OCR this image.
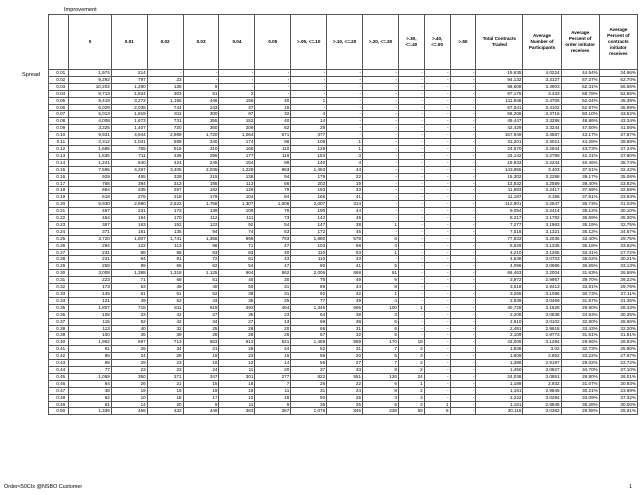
Improvement
Spread
	0	0.01	0.02	0.03	0.04	0.05	>.05, <=.10	>.10, <=.20	>.20, <=.30	>.30, <=.40	>.40, <=.50	>.50	Total Contracts Traded	Average Number of Participants	Average Percent of order initiator receives	Average Percent of contracts initiator receives
0.01	1,974	214	-	-	-	-	-	-	-	-	-	-	19,635	4.0224	44.54%	34.96%
0.02	9,292	797	23	-	-	-	-	-	-	-	-	-	94,132	3.3127	67.37%	62.70%
0.03	10,202	1,290	135	9	-	-	-	-	-	-	-	-	98,608	3.3903	62.31%	56.56%
0.04	8,713	1,824	303	51	2	-	-	-	-	-	-	-	87,175	3.433	58.78%	52.65%
0.05	9,419	3,272	1,156	446	156	40	1	-	-	-	-	-	111,848	3.4705	52.04%	45.39%
0.06	6,029	2,035	744	243	47	15	-	-	-	-	-	-	67,041	3.4102	52.97%	45.99%
0.07	5,013	1,919	811	300	97	32	4	-	-	-	-	-	58,206	3.3716	50.10%	43.52%
0.08	4,008	1,673	731	355	152	40	14	-	-	-	-	-	49,447	3.3286	48.86%	43.34%
0.09	3,325	1,407	720	360	209	62	29	-	-	-	-	-	42,429	3.3244	47.50%	41.06%
0.10	9,931	4,944	2,989	1,720	1,064	671	377	-	-	-	-	-	157,949	3.4587	43.17%	37.87%
0.11	2,312	1,041	589	340	174	96	109	1	-	-	-	-	31,201	3.3021	44.28%	39.88%
0.12	1,686	755	516	310	168	110	128	1	-	-	-	-	24,570	3.2944	43.73%	37.24%
0.13	1,535	711	436	296	177	119	153	3	-	-	-	-	23,142	3.2789	42.31%	37.80%
0.14	1,241	640	424	245	154	99	140	4	-	-	-	-	19,833	3.2244	40.46%	35.74%
0.15	7,595	4,267	3,405	2,035	1,228	963	1,463	44	-	-	-	-	143,855	3.403	37.51%	32.42%
0.16	929	465	329	215	136	94	179	22	-	-	-	-	15,302	3.2288	39.17%	35.06%
0.17	768	394	313	195	113	66	202	19	-	-	-	-	13,832	3.2589	39.40%	33.82%
0.18	654	335	257	182	126	79	193	33	-	-	-	-	11,993	3.2417	37.59%	32.58%
0.19	618	276	218	179	104	84	166	41	-	-	-	-	11,187	3.186	37.61%	33.94%
0.20	5,930	2,990	2,522	1,758	1,307	1,008	2,007	314	-	-	-	-	112,901	3.2547	35.73%	31.03%
0.21	467	231	173	139	109	76	190	44	-	-	-	-	9,094	3.2414	35.12%	30.10%
0.22	454	194	170	112	111	73	142	45	-	-	-	-	8,217	3.1792	36.59%	35.30%
0.23	387	163	152	122	92	54	147	38	1	-	-	-	7,277	3.1963	35.19%	32.75%
0.24	371	161	135	94	74	53	172	45	-	-	-	-	7,018	3.1321	35.12%	34.67%
0.25	3,720	1,807	1,741	1,356	998	793	1,880	578	6	-	-	-	77,833	3.2035	33.40%	29.75%
0.26	294	122	113	98	71	47	103	58	4	-	-	-	5,529	3.1335	35.18%	33.62%
0.27	231	98	86	63	63	40	110	53	1	-	-	-	4,210	3.1265	33.41%	27.72%
0.28	231	94	91	72	61	43	110	43	-	-	-	-	4,638	3.0703	35.02%	30.21%
0.29	259	99	66	62	54	47	80	41	5	-	-	-	4,096	3.0986	36.65%	33.13%
0.30	3,008	1,388	1,318	1,125	904	862	2,006	868	61	-	-	-	66,463	3.2004	31.63%	26.68%
0.31	223	71	68	51	40	30	78	49	9	-	-	-	3,972	2.9957	39.70%	39.22%
0.32	173	63	49	40	50	31	89	44	8	-	-	-	3,518	2.9413	33.61%	29.76%
0.33	145	61	61	52	38	31	92	42	1	-	-	-	3,265	3.1096	30.73%	27.11%
0.34	121	49	52	43	35	25	77	49	4	-	-	-	2,839	3.0469	31.57%	31.35%
0.35	1,807	718	811	619	492	464	1,346	695	100	1	-	-	40,728	3.1628	29.90%	28.43%
0.36	108	33	42	27	35	23	64	38	3	-	-	-	2,206	3.0838	34.93%	30.35%
0.37	115	52	42	34	27	13	69	38	6	-	-	-	2,610	3.0102	32.80%	28.66%
0.38	113	40	32	25	28	20	66	31	6	-	-	-	2,481	2.9916	33.43%	32.20%
0.39	100	36	39	28	26	26	57	32	5	-	-	-	2,109	2.9773	31.61%	31.81%
0.40	1,962	697	713	663	612	521	1,489	959	170	19	-	-	43,006	3.1284	29.66%	26.83%
0.41	81	26	34	21	29	24	52	31	7	2	-	-	1,838	3.02	32.73%	25.90%
0.42	88	24	28	18	23	16	58	20	6	3	-	-	1,809	2.852	33.22%	27.97%
0.43	68	29	23	16	12	14	56	27	7	2	-	-	1,386	2.9197	29.02%	22.72%
0.44	77	23	23	24	11	20	37	33	8	2	-	-	1,450	3.0827	34.70%	37.10%
0.45	1,059	350	371	347	301	277	822	551	126	24	-	-	24,036	3.0851	28.80%	26.01%
0.46	64	26	21	15	18	7	26	22	6	1	-	-	1,189	2.932	31.07%	30.93%
0.47	48	19	16	19	19	11	31	24	8	2	-	-	1,161	2.9845	30.21%	23.69%
0.48	62	10	18	17	12	16	50	25	3	3	-	-	1,222	3.0284	33.09%	37.32%
0.49	61	14	20	9	11	9	35	25	5	3	1	-	1,151	2.9948	35.28%	30.00%
0.50	1,336	456	432	449	383	367	1,076	845	238	59	8	-	30,115	3.0362	28.58%	25.91%
Order<50Ctx @NSBO Customer	1
